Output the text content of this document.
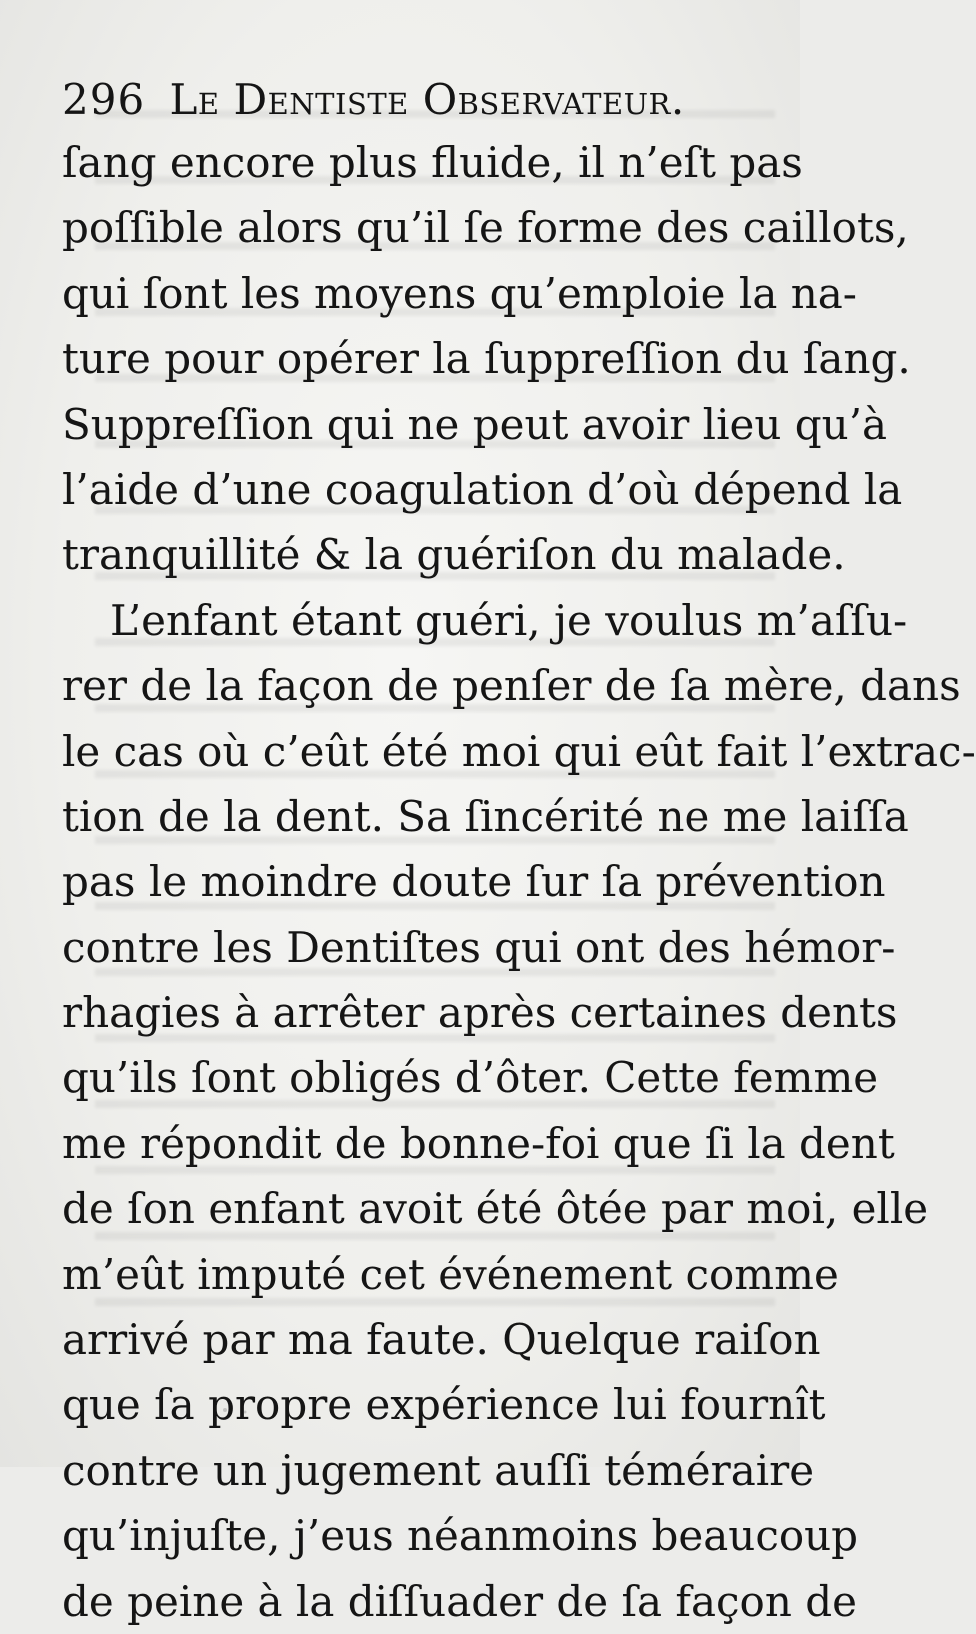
296 Le Dentiste Observateur.
ſang encore plus fluide, il n’eſt pas
poſſible alors qu’il ſe forme des caillots,
qui ſont les moyens qu’emploie la na-
ture pour opérer la ſuppreſſion du ſang.
Suppreſſion qui ne peut avoir lieu qu’à
l’aide d’une coagulation d’où dépend la
tranquillité & la guériſon du malade.
L’enfant étant guéri, je voulus m’aſſu-
rer de la façon de penſer de ſa mère, dans
le cas où c’eût été moi qui eût fait l’extrac-
tion de la dent. Sa ſincérité ne me laiſſa
pas le moindre doute ſur ſa prévention
contre les Dentiſtes qui ont des hémor-
rhagies à arrêter après certaines dents
qu’ils ſont obligés d’ôter. Cette femme
me répondit de bonne-foi que ſi la dent
de ſon enfant avoit été ôtée par moi, elle
m’eût imputé cet événement comme
arrivé par ma faute. Quelque raiſon
que ſa propre expérience lui fournît
contre un jugement auſſi téméraire
qu’injuſte, j’eus néanmoins beaucoup
de peine à la diſſuader de ſa façon de
